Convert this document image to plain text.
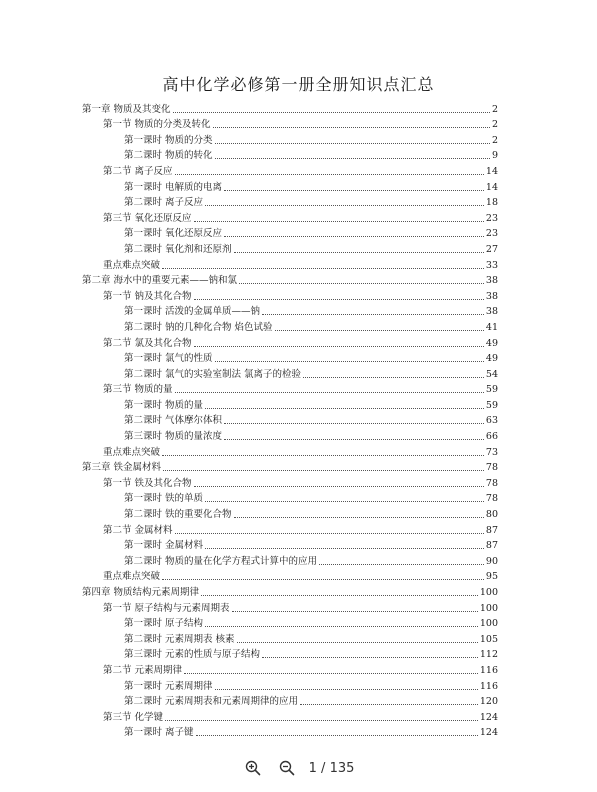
高中化学必修第一册全册知识点汇总
第一章 物质及其变化	2
第一节 物质的分类及转化	2
第一课时 物质的分类	2
第二课时 物质的转化	9
第二节 离子反应	14
第一课时 电解质的电离	14
第二课时 离子反应	18
第三节 氧化还原反应	23
第一课时 氧化还原反应	23
第二课时 氧化剂和还原剂	27
重点难点突破	33
第二章 海水中的重要元素——钠和氯	38
第一节 钠及其化合物	38
第一课时 活泼的金属单质——钠	38
第二课时 钠的几种化合物 焰色试验	41
第二节 氯及其化合物	49
第一课时 氯气的性质	49
第二课时 氯气的实验室制法 氯离子的检验	54
第三节 物质的量	59
第一课时 物质的量	59
第二课时 气体摩尔体积	63
第三课时 物质的量浓度	66
重点难点突破	73
第三章 铁金属材料	78
第一节 铁及其化合物	78
第一课时 铁的单质	78
第二课时 铁的重要化合物	80
第二节 金属材料	87
第一课时 金属材料	87
第二课时 物质的量在化学方程式计算中的应用	90
重点难点突破	95
第四章 物质结构元素周期律	100
第一节 原子结构与元素周期表	100
第一课时 原子结构	100
第二课时 元素周期表 核素	105
第三课时 元素的性质与原子结构	112
第二节 元素周期律	116
第一课时 元素周期律	116
第二课时 元素周期表和元素周期律的应用	120
第三节 化学键	124
第一课时 离子键	124
1 / 135
